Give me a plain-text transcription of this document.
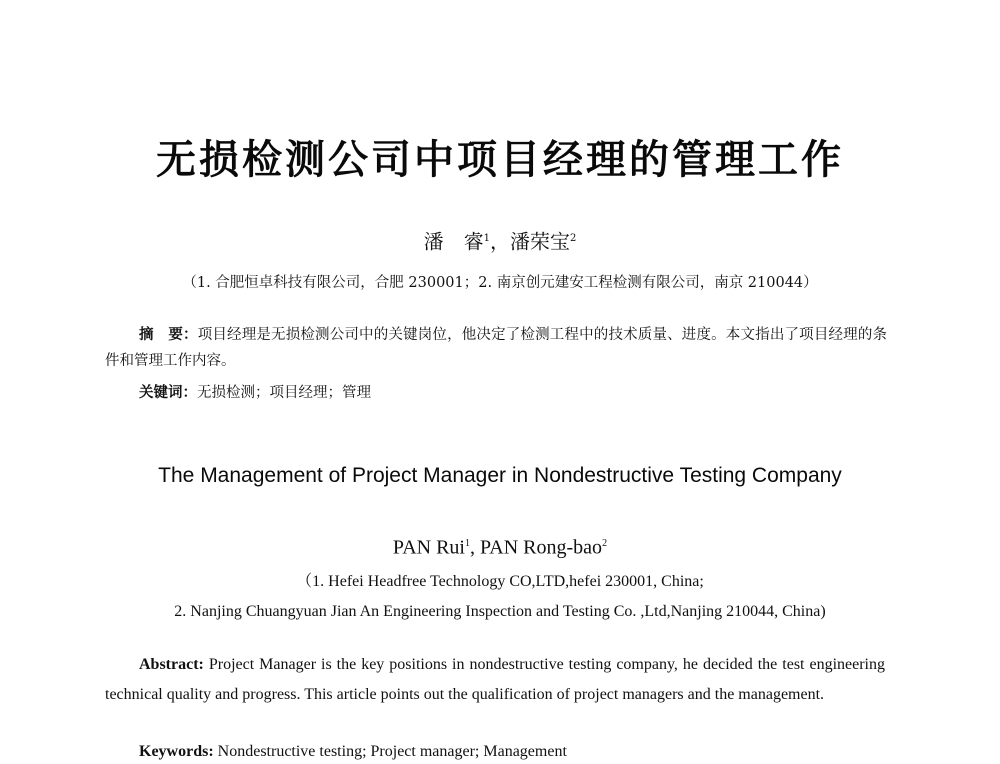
无损检测公司中项目经理的管理工作
潘　睿$^1$，潘荣宝$^2$
（1. 合肥恒卓科技有限公司，合肥 230001；2. 南京创元建安工程检测有限公司，南京 210044）
摘　要：项目经理是无损检测公司中的关键岗位，他决定了检测工程中的技术质量、进度。本文指出了项目经理的条件和管理工作内容。
关键词：无损检测；项目经理；管理
The Management of Project Manager in Nondestructive Testing Company
PAN Rui$^1$, PAN Rong-bao$^2$
（1. Hefei Headfree Technology CO,LTD,hefei 230001, China;
2. Nanjing Chuangyuan Jian An Engineering Inspection and Testing Co. ,Ltd,Nanjing 210044, China)
Abstract: Project Manager is the key positions in nondestructive testing company, he decided the test engineering technical quality and progress. This article points out the qualification of project managers and the management.
Keywords: Nondestructive testing; Project manager; Management
